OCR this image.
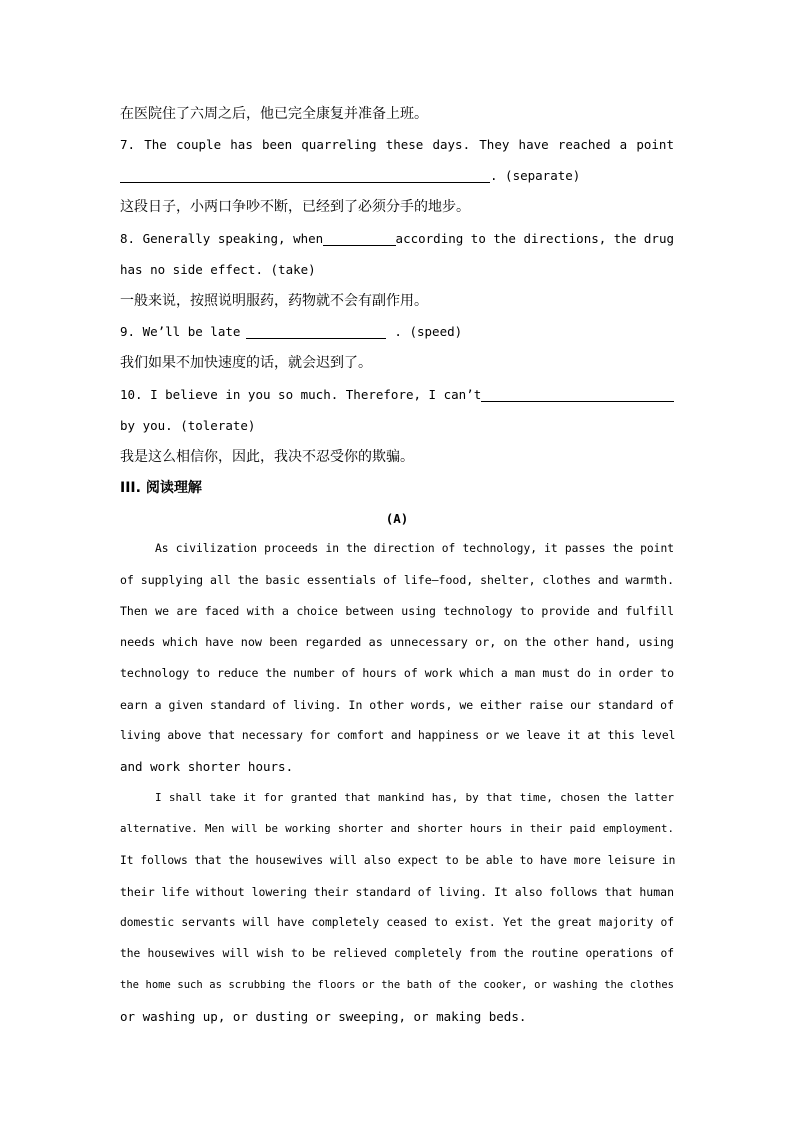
在医院住了六周之后，他已完全康复并准备上班。
7. The couple has been quarreling these days. They have reached a point
. (separate)
这段日子，小两口争吵不断，已经到了必须分手的地步。
8. Generally speaking, when	according to the directions, the drug
has no side effect. (take)
一般来说，按照说明服药，药物就不会有副作用。
9. We’ll be late	. (speed)
我们如果不加快速度的话，就会迟到了。
10. I believe in you so much. Therefore, I can’t
by you. (tolerate)
我是这么相信你，因此，我决不忍受你的欺骗。
III. 阅读理解
(A)
As civilization proceeds in the direction of technology, it passes the point
of supplying all the basic essentials of life—food, shelter, clothes and warmth.
Then we are faced with a choice between using technology to provide and fulfill
needs which have now been regarded as unnecessary or, on the other hand, using
technology to reduce the number of hours of work which a man must do in order to
earn a given standard of living. In other words, we either raise our standard of
living above that necessary for comfort and happiness or we leave it at this level
and work shorter hours.
I shall take it for granted that mankind has, by that time, chosen the latter
alternative. Men will be working shorter and shorter hours in their paid employment.
It follows that the housewives will also expect to be able to have more leisure in
their life without lowering their standard of living. It also follows that human
domestic servants will have completely ceased to exist. Yet the great majority of
the housewives will wish to be relieved completely from the routine operations of
the home such as scrubbing the floors or the bath of the cooker, or washing the clothes
or washing up, or dusting or sweeping, or making beds.
